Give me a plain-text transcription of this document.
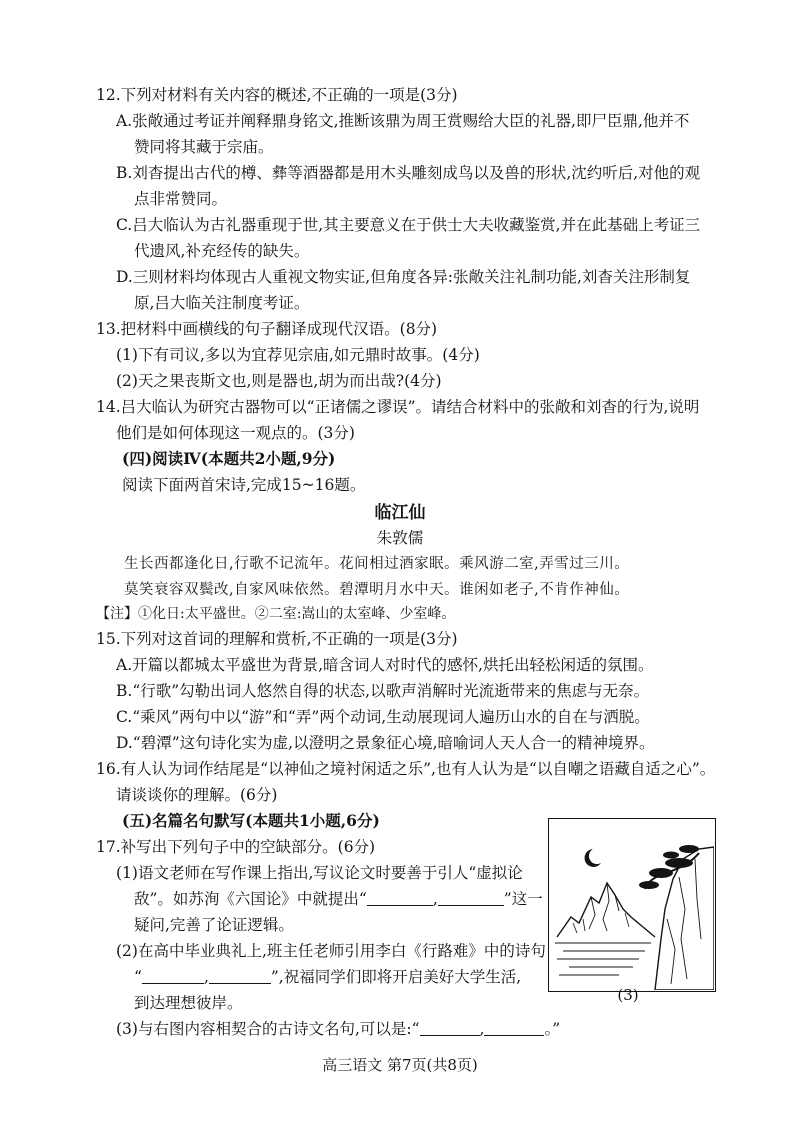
12.下列对材料有关内容的概述,不正确的一项是(3分)
A.张敞通过考证并阐释鼎身铭文,推断该鼎为周王赏赐给大臣的礼器,即尸臣鼎,他并不
赞同将其藏于宗庙。
B.刘杳提出古代的樽、彝等酒器都是用木头雕刻成鸟以及兽的形状,沈约听后,对他的观
点非常赞同。
C.吕大临认为古礼器重现于世,其主要意义在于供士大夫收藏鉴赏,并在此基础上考证三
代遗风,补充经传的缺失。
D.三则材料均体现古人重视文物实证,但角度各异:张敞关注礼制功能,刘杳关注形制复
原,吕大临关注制度考证。
13.把材料中画横线的句子翻译成现代汉语。(8分)
(1)下有司议,多以为宜荐见宗庙,如元鼎时故事。(4分)
(2)天之果丧斯文也,则是器也,胡为而出哉?(4分)
14.吕大临认为研究古器物可以“正诸儒之谬误”。请结合材料中的张敞和刘杳的行为,说明
他们是如何体现这一观点的。(3分)
(四)阅读Ⅳ(本题共2小题,9分)
阅读下面两首宋诗,完成15~16题。
临江仙
朱敦儒
生长西都逢化日,行歌不记流年。花间相过酒家眠。乘风游二室,弄雪过三川。
莫笑衰容双鬓改,自家风味依然。碧潭明月水中天。谁闲如老子,不肯作神仙。
【注】①化日:太平盛世。②二室:嵩山的太室峰、少室峰。
15.下列对这首词的理解和赏析,不正确的一项是(3分)
A.开篇以都城太平盛世为背景,暗含词人对时代的感怀,烘托出轻松闲适的氛围。
B.“行歌”勾勒出词人悠然自得的状态,以歌声消解时光流逝带来的焦虑与无奈。
C.“乘风”两句中以“游”和“弄”两个动词,生动展现词人遍历山水的自在与洒脱。
D.“碧潭”这句诗化实为虚,以澄明之景象征心境,暗喻词人天人合一的精神境界。
16.有人认为词作结尾是“以神仙之境衬闲适之乐”,也有人认为是“以自嘲之语藏自适之心”。
请谈谈你的理解。(6分)
(五)名篇名句默写(本题共1小题,6分)
17.补写出下列句子中的空缺部分。(6分)
(1)语文老师在写作课上指出,写议论文时要善于引人“虚拟论
敌”。如苏洵《六国论》中就提出“	,	”这一
疑问,完善了论证逻辑。
(2)在高中毕业典礼上,班主任老师引用李白《行路难》中的诗句
“	,	”,祝福同学们即将开启美好大学生活,
到达理想彼岸。
(3)与右图内容相契合的古诗文名句,可以是:“	,	。”
(3)
高三语文 第7页(共8页)
